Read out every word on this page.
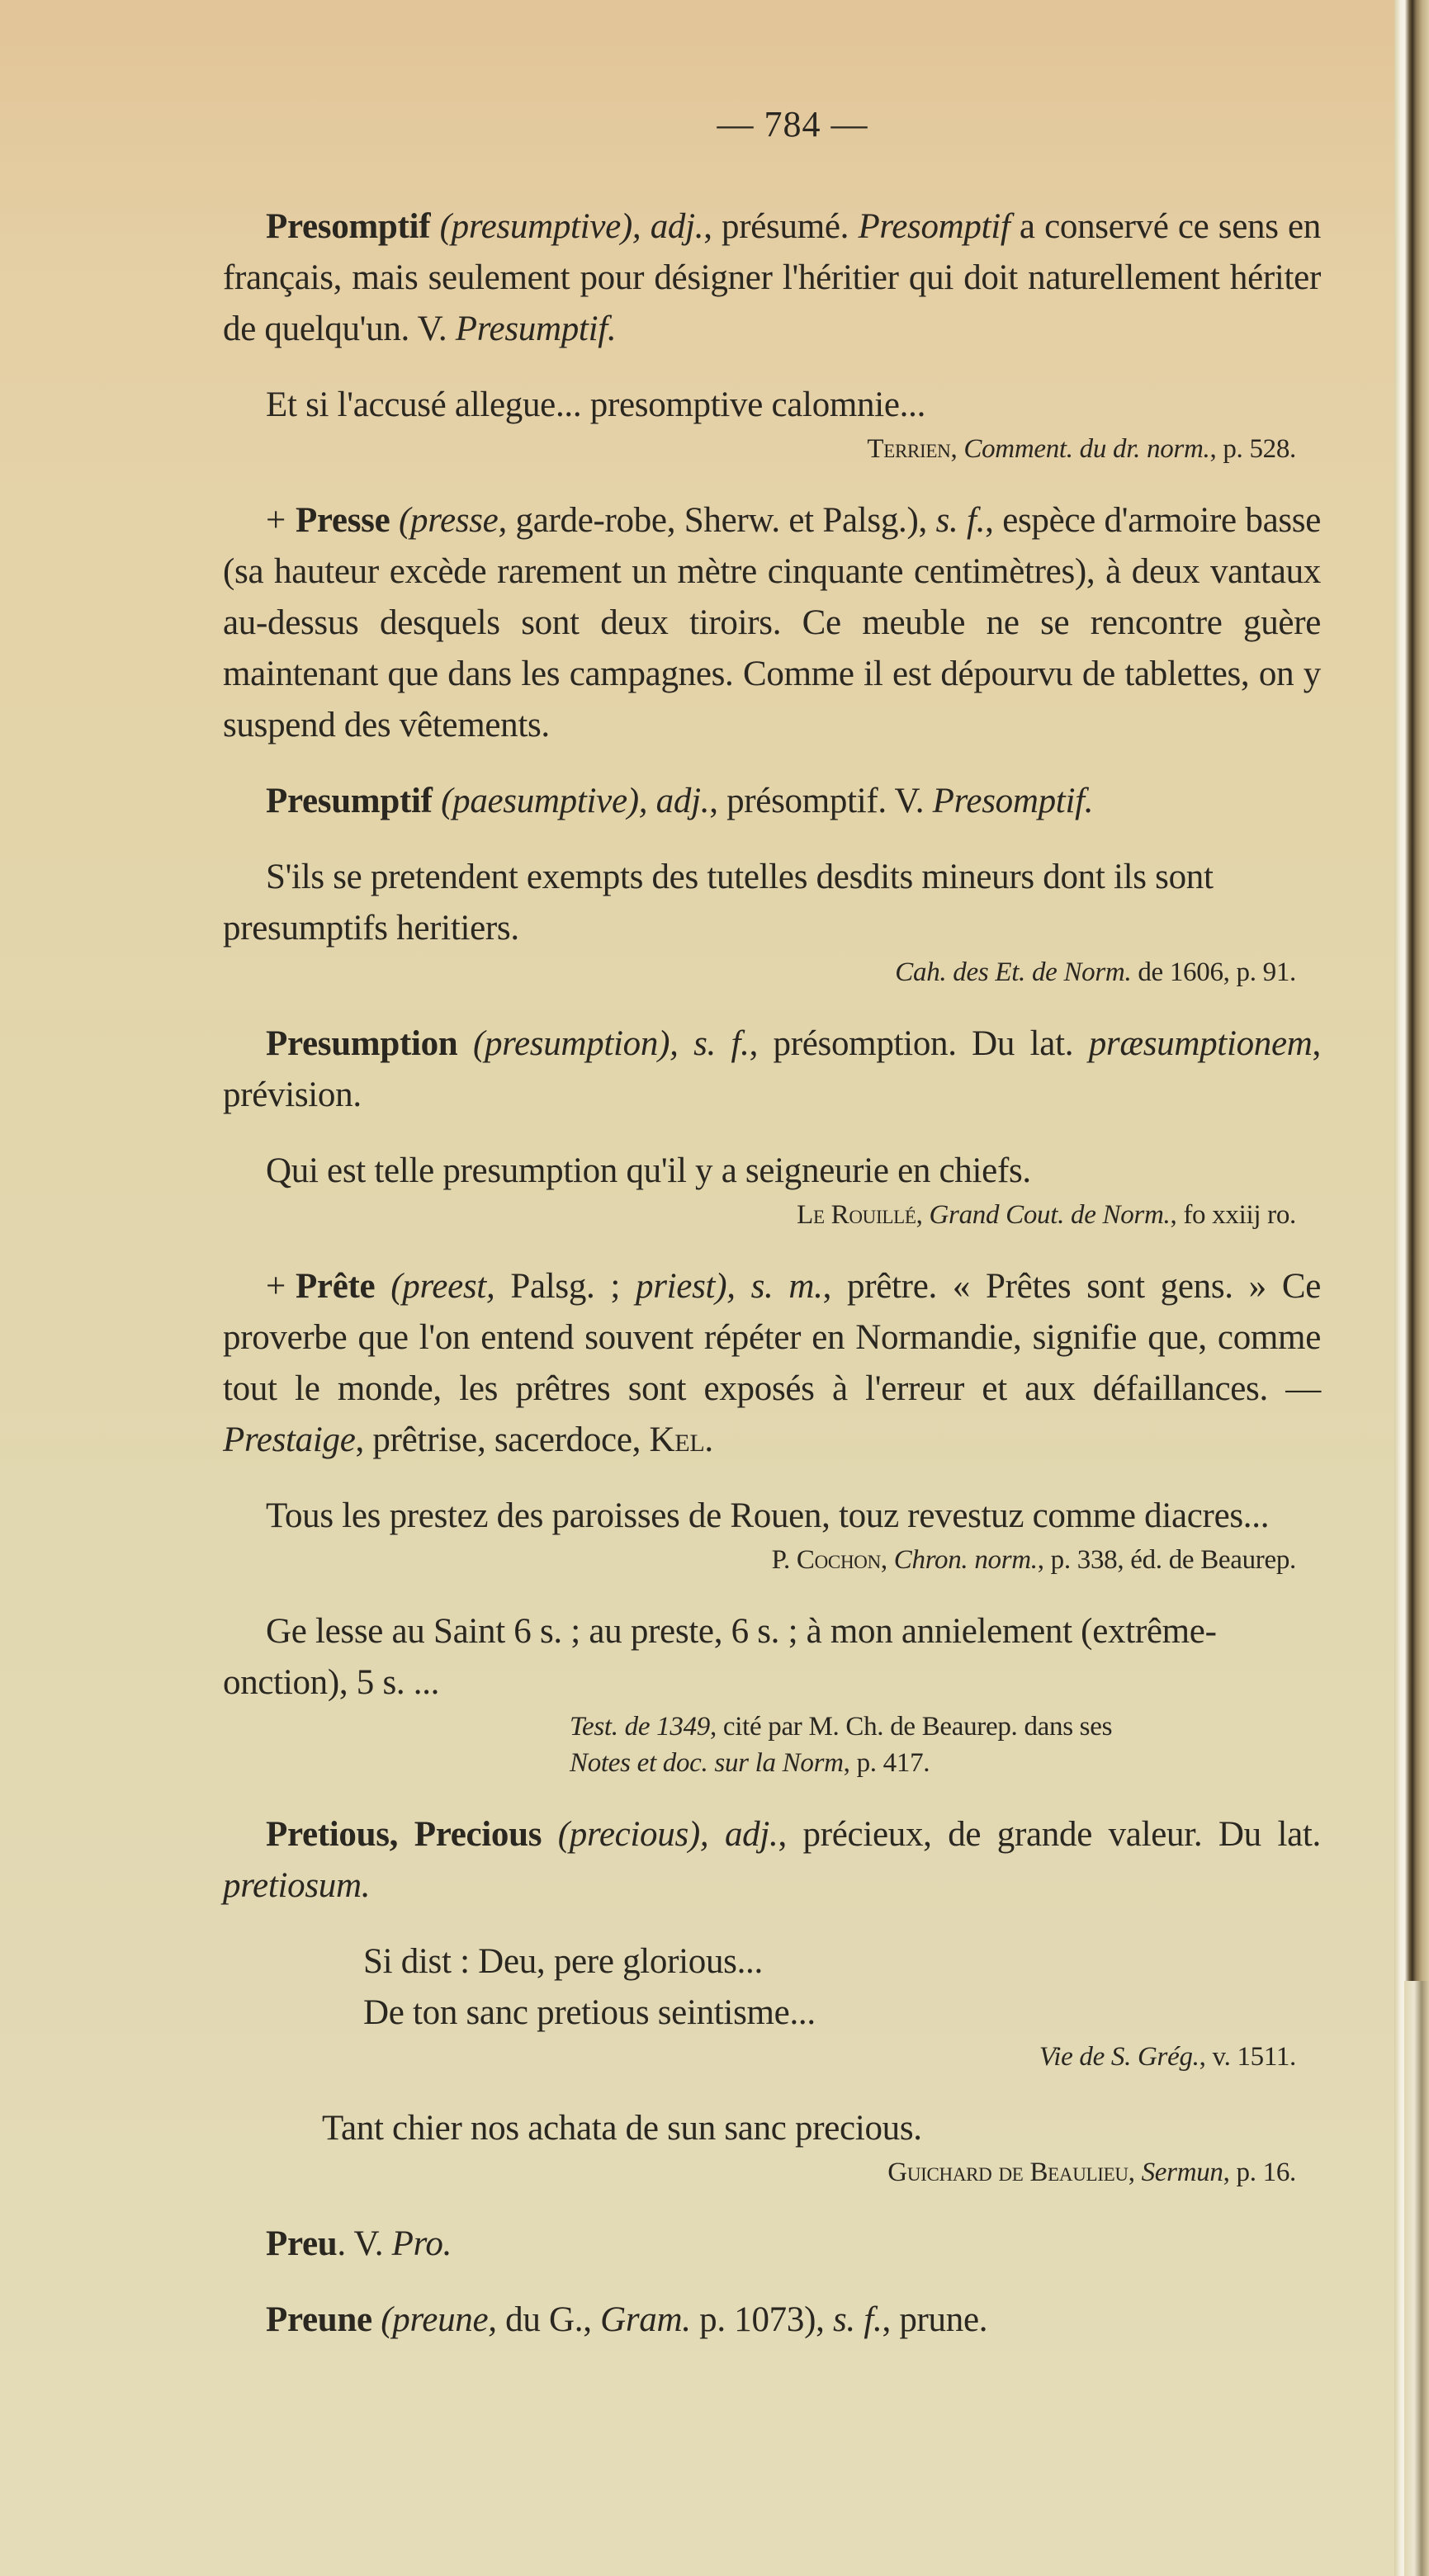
— 784 —

Presomptif (presumptive), adj., présumé. Presomptif a conservé ce sens en français, mais seulement pour désigner l'héritier qui doit naturellement hériter de quelqu'un. V. Presumptif.

Et si l'accusé allegue... presomptive calomnie...

Terrien, Comment. du dr. norm., p. 528.

+ Presse (presse, garde-robe, Sherw. et Palsg.), s. f., espèce d'armoire basse (sa hauteur excède rarement un mètre cinquante centimètres), à deux vantaux au-dessus desquels sont deux tiroirs. Ce meuble ne se rencontre guère maintenant que dans les campagnes. Comme il est dépourvu de tablettes, on y suspend des vêtements.

Presumptif (paesumptive), adj., présomptif. V. Presomptif.

S'ils se pretendent exempts des tutelles desdits mineurs dont ils sont presumptifs heritiers.

Cah. des Et. de Norm. de 1606, p. 91.

Presumption (presumption), s. f., présomption. Du lat. præsumptionem, prévision.

Qui est telle presumption qu'il y a seigneurie en chiefs.

Le Rouillé, Grand Cout. de Norm., fo xxiij ro.

+ Prête (preest, Palsg. ; priest), s. m., prêtre. « Prêtes sont gens. » Ce proverbe que l'on entend souvent répéter en Normandie, signifie que, comme tout le monde, les prêtres sont exposés à l'erreur et aux défaillances. — Prestaige, prêtrise, sacerdoce, Kel.

Tous les prestez des paroisses de Rouen, touz revestuz comme diacres...

P. Cochon, Chron. norm., p. 338, éd. de Beaurep.

Ge lesse au Saint 6 s. ; au preste, 6 s. ; à mon annielement (extrême-onction), 5 s. ...

Test. de 1349, cité par M. Ch. de Beaurep. dans ses
Notes et doc. sur la Norm, p. 417.

Pretious, Precious (precious), adj., précieux, de grande valeur. Du lat. pretiosum.

Si dist : Deu, pere glorious...
De ton sanc pretious seintisme...

Vie de S. Grég., v. 1511.

Tant chier nos achata de sun sanc precious.

Guichard de Beaulieu, Sermun, p. 16.

Preu. V. Pro.

Preune (preune, du G., Gram. p. 1073), s. f., prune.
